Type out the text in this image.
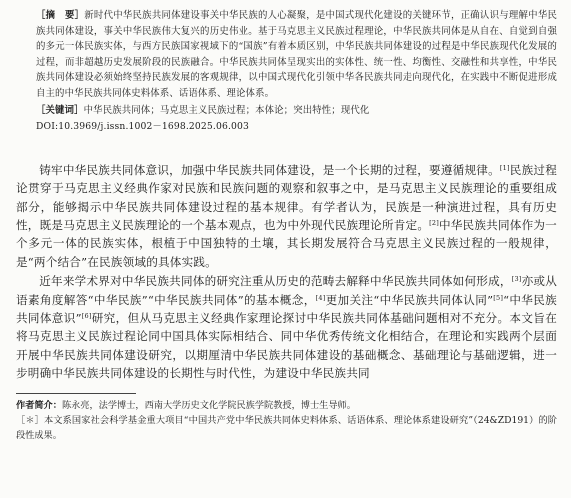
［摘　要］新时代中华民族共同体建设事关中华民族的人心凝聚，是中国式现代化建设的关键环节，正确认识与理解中华民族共同体建设，事关中华民族伟大复兴的历史伟业。基于马克思主义民族过程理论，中华民族共同体是从自在、自觉到自强的多元一体民族实体，与西方民族国家视域下的“国族”有着本质区别，中华民族共同体建设的过程是中华民族现代化发展的过程，而非超越历史发展阶段的民族融合。中华民族共同体呈现实出的实体性、统一性、均衡性、交融性和共享性，中华民族共同体建设必须始终坚持民族发展的客观规律，以中国式现代化引领中华各民族共同走向现代化，在实践中不断促进形成自主的中华民族共同体史料体系、话语体系、理论体系。

［关键词］中华民族共同体；马克思主义民族过程；本体论；突出特性；现代化

DOI:10.3969/j.issn.1002－1698.2025.06.003

铸牢中华民族共同体意识，加强中华民族共同体建设，是一个长期的过程，要遵循规律。[1]民族过程论贯穿于马克思主义经典作家对民族和民族问题的观察和叙事之中，是马克思主义民族理论的重要组成部分，能够揭示中华民族共同体建设过程的基本规律。有学者认为，民族是一种演进过程，具有历史性，既是马克思主义民族理论的一个基本观点，也为中外现代民族理论所肯定。[2]中华民族共同体作为一个多元一体的民族实体，根植于中国独特的土壤，其长期发展符合马克思主义民族过程的一般规律，是“两个结合”在民族领域的具体实践。

近年来学术界对中华民族共同体的研究注重从历史的范畴去解释中华民族共同体如何形成，[3]亦或从语素角度解答“中华民族”“中华民族共同体”的基本概念，[4]更加关注“中华民族共同体认同”[5]“中华民族共同体意识”[6]研究，但从马克思主义经典作家理论探讨中华民族共同体基础问题相对不充分。本文旨在将马克思主义民族过程论同中国具体实际相结合、同中华优秀传统文化相结合，在理论和实践两个层面开展中华民族共同体建设研究，以期厘清中华民族共同体建设的基础概念、基础理论与基础逻辑，进一步明确中华民族共同体建设的长期性与时代性，为建设中华民族共同

作者简介：陈永亮，法学博士，西南大学历史文化学院民族学院教授，博士生导师。

［＊］本文系国家社会科学基金重大项目“中国共产党中华民族共同体史料体系、话语体系、理论体系建设研究”（24&ZD191）的阶段性成果。
